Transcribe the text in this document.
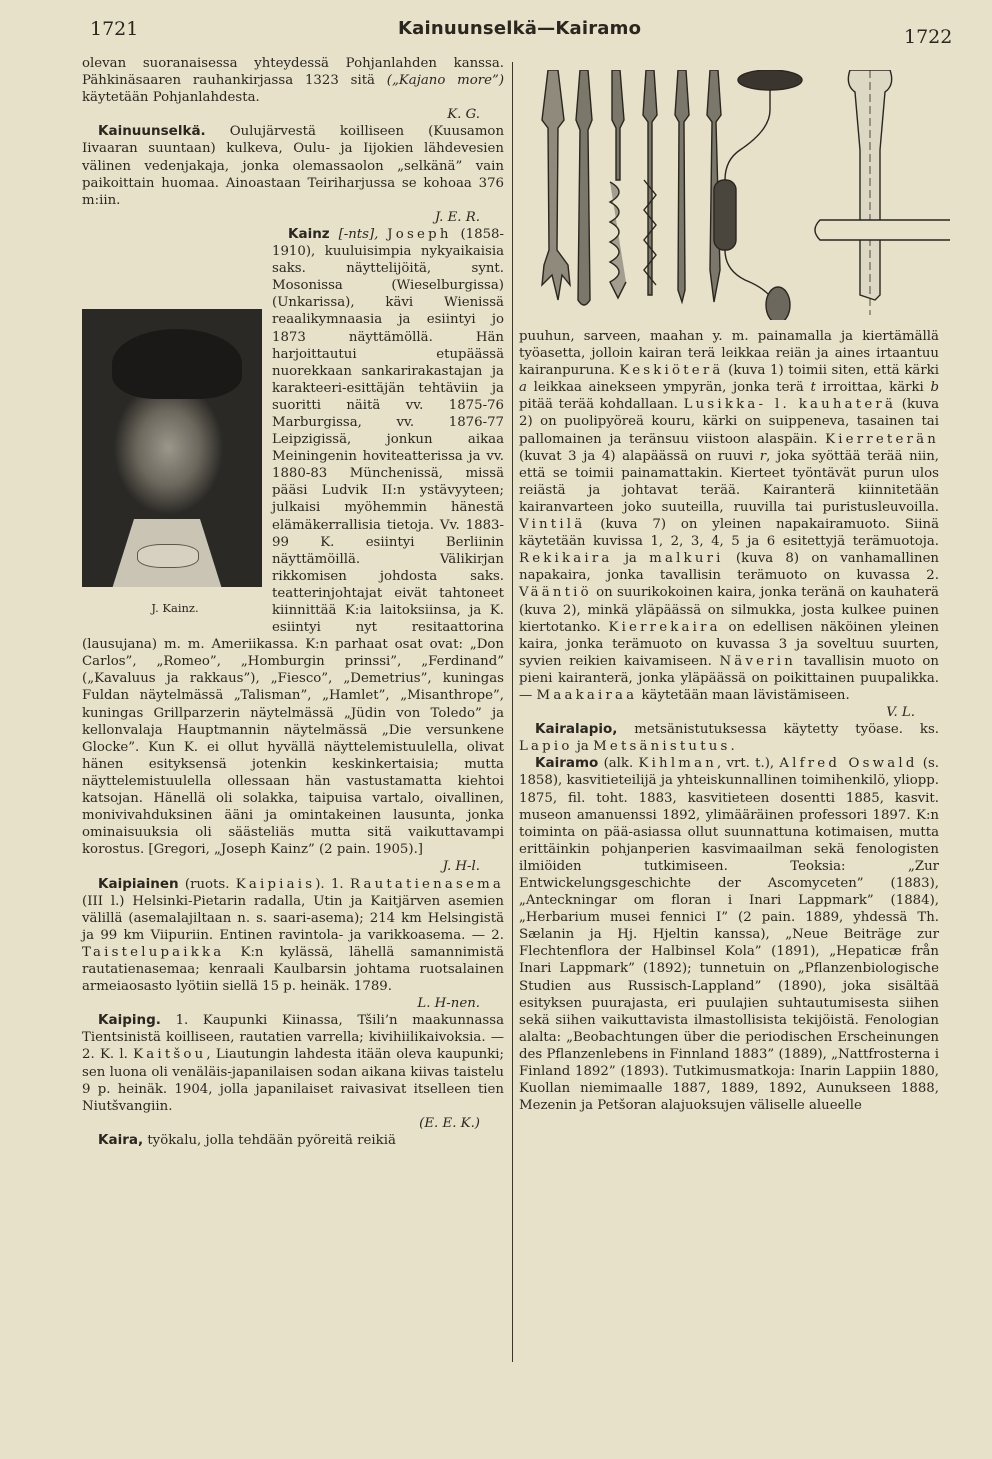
1721	Kainuunselkä—Kairamo	1722

olevan suoranaisessa yhteydessä Pohjanlahden kanssa. Pähkinäsaaren rauhankirjassa 1323 sitä („Kajano more”) käytetään Pohjanlahdesta.
K. G.

Kainuunselkä. Oulujärvestä koilliseen (Kuusamon Iivaaran suuntaan) kulkeva, Oulu- ja Iijokien lähdevesien välinen vedenjakaja, jonka olemassaolon „selkänä” vain paikoittain huomaa. Ainoastaan Teiriharjussa se kohoaa 376 m:iin.
J. E. R.

Kainz [-nts], Joseph (1858-1910), kuuluisimpia nykyaikaisia saks. näyttelijöitä, synt. Mosonissa (Wieselburgissa) (Unkarissa), kävi Wienissä reaalikymnaasia ja esiintyi jo 1873 näyttämöllä. Hän harjoittautui etupäässä nuorekkaan sankarirakastajan ja karakteeri-esittäjän tehtäviin ja suoritti näitä vv. 1875-76 Marburgissa, vv. 1876-77 Leipzigissä, jonkun aikaa Meiningenin hoviteatterissa ja vv. 1880-83 Münchenissä, missä pääsi Ludvik II:n ystävyyteen; julkaisi myöhemmin hänestä elämäkerrallisia tietoja. Vv. 1883-99 K. esiintyi Berliinin näyttämöillä. Välikirjan rikkomisen johdosta saks. teatterinjohtajat eivät tahtoneet kiinnittää K:ia laitoksiinsa, ja K. esiintyi nyt resitaattorina (lausujana) m. m. Ameriikassa. K:n parhaat osat ovat: „Don Carlos”, „Romeo”, „Homburgin prinssi”, „Ferdinand” („Kavaluus ja rakkaus”), „Fiesco”, „Demetrius”, kuningas Fuldan näytelmässä „Talisman”, „Hamlet”, „Misanthrope”, kuningas Grillparzerin näytelmässä „Jüdin von Toledo” ja kellonvalaja Hauptmannin näytelmässä „Die versunkene Glocke”. Kun K. ei ollut hyvällä näyttelemistuulella, olivat hänen esityksensä jotenkin keskinkertaisia; mutta näyttelemistuulella ollessaan hän vastustamatta kiehtoi katsojan. Hänellä oli solakka, taipuisa vartalo, oivallinen, monivivahduksinen ääni ja omintakeinen lausunta, jonka ominaisuuksia oli säästeliäs mutta sitä vaikuttavampi korostus. [Gregori, „Joseph Kainz” (2 pain. 1905).]
J. H-l.

Kaipiainen (ruots. Kaipiais). 1. Rautatienasema (III l.) Helsinki-Pietarin radalla, Utin ja Kaitjärven asemien välillä (asemalajiltaan n. s. saari-asema); 214 km Helsingistä ja 99 km Viipuriin. Entinen ravintola- ja varikkoasema. — 2. Taistelupaikka K:n kylässä, lähellä samannimistä rautatienasemaa; kenraali Kaulbarsin johtama ruotsalainen armeiaosasto lyötiin siellä 15 p. heinäk. 1789.
L. H-nen.

Kaiping. 1. Kaupunki Kiinassa, Tšili’n maakunnassa Tientsinistä koilliseen, rautatien varrella; kivihiilikaivoksia. — 2. K. l. Kaitšou, Liautungin lahdesta itään oleva kaupunki; sen luona oli venäläis-japanilaisen sodan aikana kiivas taistelu 9 p. heinäk. 1904, jolla japanilaiset raivasivat itselleen tien Niutšvangiin.
(E. E. K.)

Kaira, työkalu, jolla tehdään pyöreitä reikiä

J. Kainz.

puuhun, sarveen, maahan y. m. painamalla ja kiertämällä työasetta, jolloin kairan terä leikkaa reiän ja aines irtaantuu kairanpuruna. Keskiöterä (kuva 1) toimii siten, että kärki a leikkaa ainekseen ympyrän, jonka terä t irroittaa, kärki b pitää terää kohdallaan. Lusikka- l. kauhaterä (kuva 2) on puolipyöreä kouru, kärki on suippeneva, tasainen tai pallomainen ja teränsuu viistoon alaspäin. Kierreterän (kuvat 3 ja 4) alapäässä on ruuvi r, joka syöttää terää niin, että se toimii painamattakin. Kierteet työntävät purun ulos reiästä ja johtavat terää. Kairanterä kiinnitetään kairanvarteen joko suuteilla, ruuvilla tai puristusleuvoilla. Vintilä (kuva 7) on yleinen napakairamuoto. Siinä käytetään kuvissa 1, 2, 3, 4, 5 ja 6 esitettyjä terämuotoja. Rekikaira ja malkuri (kuva 8) on vanhamallinen napakaira, jonka tavallisin terämuoto on kuvassa 2. Vääntiö on suurikokoinen kaira, jonka teränä on kauhaterä (kuva 2), minkä yläpäässä on silmukka, josta kulkee puinen kiertotanko. Kierrekaira on edellisen näköinen yleinen kaira, jonka terämuoto on kuvassa 3 ja soveltuu suurten, syvien reikien kaivamiseen. Näverin tavallisin muoto on pieni kairanterä, jonka yläpäässä on poikittainen puupalikka. — Maakairaa käytetään maan lävistämiseen.
V. L.

Kairalapio, metsänistutuksessa käytetty työase. ks. Lapio ja Metsänistutus.

Kairamo (alk. Kihlman, vrt. t.), Alfred Oswald (s. 1858), kasvitieteilijä ja yhteiskunnallinen toimihenkilö, yliopp. 1875, fil. toht. 1883, kasvitieteen dosentti 1885, kasvit. museon amanuenssi 1892, ylimääräinen professori 1897. K:n toiminta on pää-asiassa ollut suunnattuna kotimaisen, mutta erittäinkin pohjanperien kasvimaailman sekä fenologisten ilmiöiden tutkimiseen. Teoksia: „Zur Entwickelungsgeschichte der Ascomyceten” (1883), „Anteckningar om floran i Inari Lappmark” (1884), „Herbarium musei fennici I” (2 pain. 1889, yhdessä Th. Sælanin ja Hj. Hjeltin kanssa), „Neue Beiträge zur Flechtenflora der Halbinsel Kola” (1891), „Hepaticæ från Inari Lappmark” (1892); tunnetuin on „Pflanzenbiologische Studien aus Russisch-Lappland” (1890), joka sisältää esityksen puurajasta, eri puulajien suhtautumisesta siihen sekä siihen vaikuttavista ilmastollisista tekijöistä. Fenologian alalta: „Beobachtungen über die periodischen Erscheinungen des Pflanzenlebens in Finnland 1883” (1889), „Nattfrosterna i Finland 1892” (1893). Tutkimusmatkoja: Inarin Lappiin 1880, Kuollan niemimaalle 1887, 1889, 1892, Aunukseen 1888, Mezenin ja Petšoran alajuoksujen väliselle alueelle
